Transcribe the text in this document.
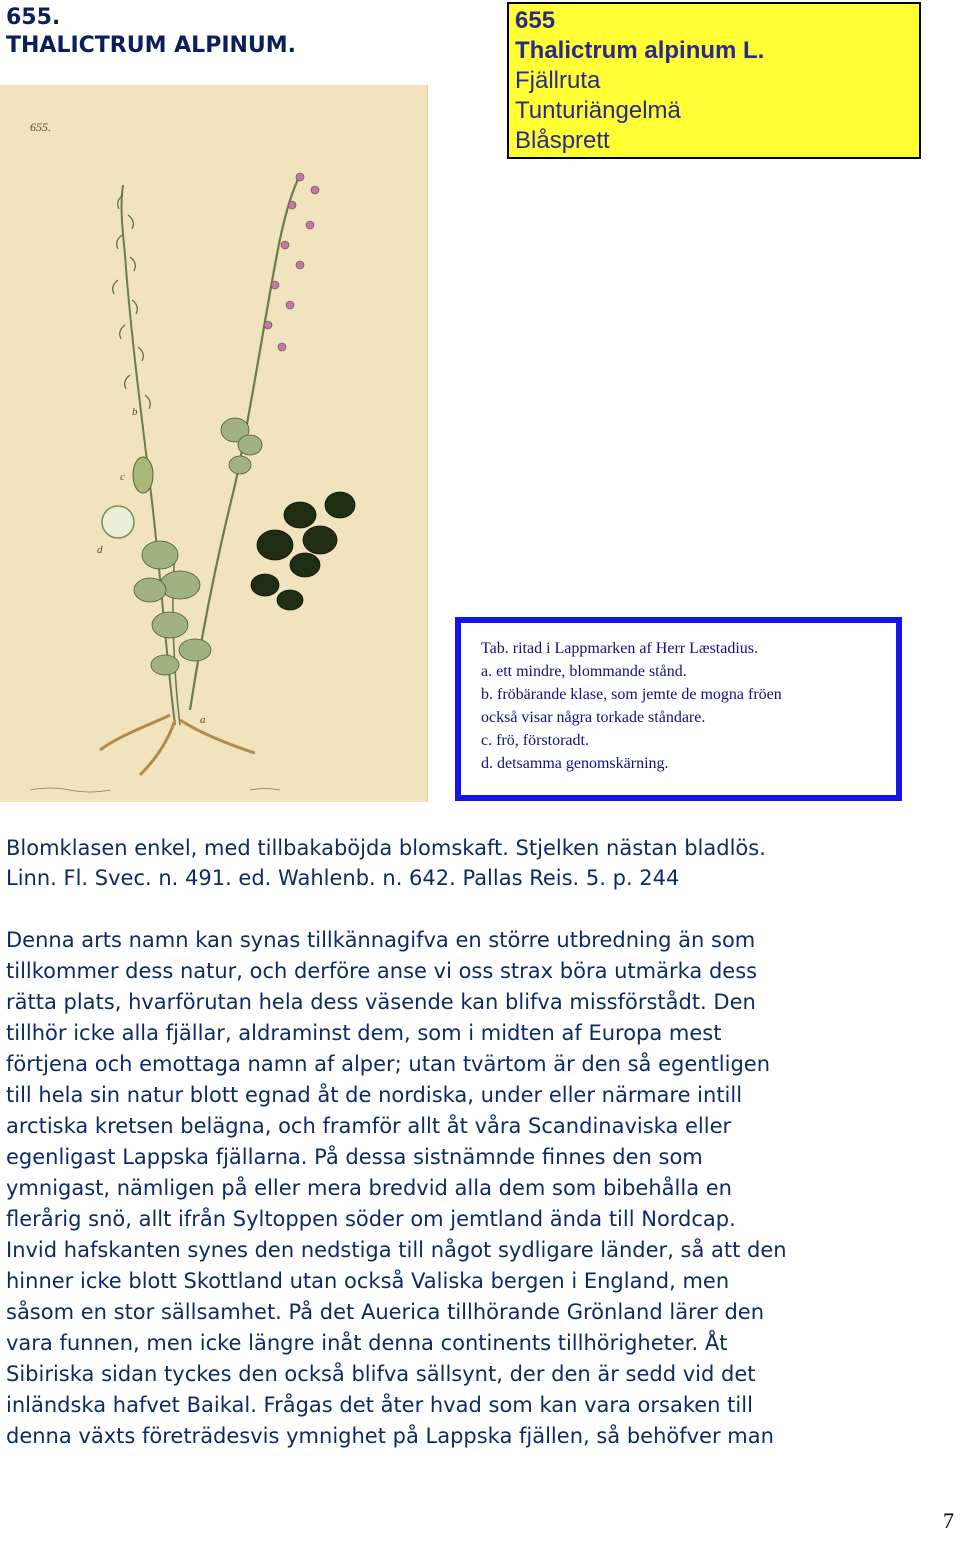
655.
THALICTRUM ALPINUM.
655
Thalictrum alpinum L.
Fjällruta
Tunturiängelmä
Blåsprett
655.
b
c
d
a
Tab. ritad i Lappmarken af Herr Læstadius.
a. ett mindre, blommande stånd.
b. fröbärande klase, som jemte de mogna fröen
också visar några torkade ståndare.
c. frö, förstoradt.
d. detsamma genomskärning.
Blomklasen enkel, med tillbakaböjda blomskaft. Stjelken nästan bladlös.
Linn. Fl. Svec. n. 491. ed. Wahlenb. n. 642. Pallas Reis. 5. p. 244
Denna arts namn kan synas tillkännagifva en större utbredning än som
tillkommer dess natur, och derföre anse vi oss strax böra utmärka dess
rätta plats, hvarförutan hela dess väsende kan blifva missförstådt. Den
tillhör icke alla fjällar, aldraminst dem, som i midten af Europa mest
förtjena och emottaga namn af alper; utan tvärtom är den så egentligen
till hela sin natur blott egnad åt de nordiska, under eller närmare intill
arctiska kretsen belägna, och framför allt åt våra Scandinaviska eller
egenligast Lappska fjällarna. På dessa sistnämnde finnes den som
ymnigast, nämligen på eller mera bredvid alla dem som bibehålla en
flerårig snö, allt ifrån Syltoppen söder om jemtland ända till Nordcap.
Invid hafskanten synes den nedstiga till något sydligare länder, så att den
hinner icke blott Skottland utan också Valiska bergen i England, men
såsom en stor sällsamhet. På det Auerica tillhörande Grönland lärer den
vara funnen, men icke längre inåt denna continents tillhörigheter. Åt
Sibiriska sidan tyckes den också blifva sällsynt, der den är sedd vid det
inländska hafvet Baikal. Frågas det åter hvad som kan vara orsaken till
denna växts företrädesvis ymnighet på Lappska fjällen, så behöfver man
7
